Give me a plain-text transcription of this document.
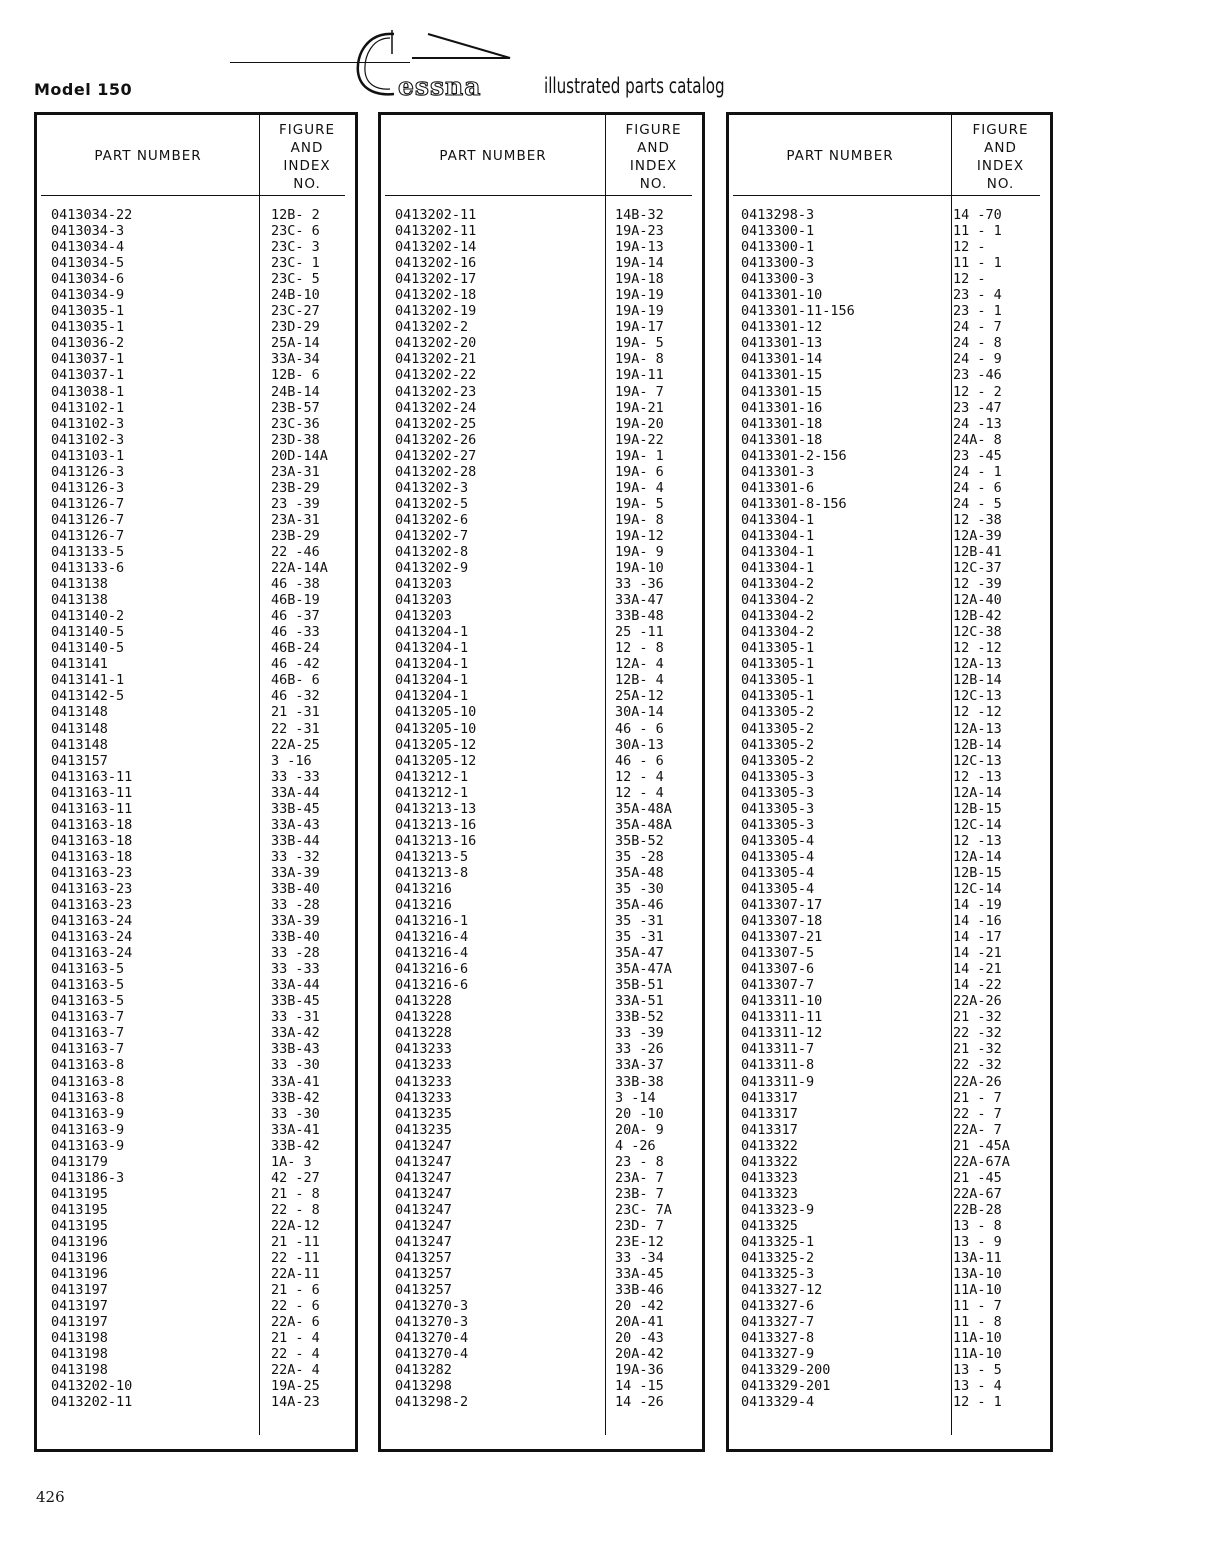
Model 150	essna	illustrated parts catalog
PART NUMBER
FIGURE
AND
INDEX
NO.
0413034-22	12B- 2
0413034-3	23C- 6
0413034-4	23C- 3
0413034-5	23C- 1
0413034-6	23C- 5
0413034-9	24B-10
0413035-1	23C-27
0413035-1	23D-29
0413036-2	25A-14
0413037-1	33A-34
0413037-1	12B- 6
0413038-1	24B-14
0413102-1	23B-57
0413102-3	23C-36
0413102-3	23D-38
0413103-1	20D-14A
0413126-3	23A-31
0413126-3	23B-29
0413126-7	23 -39
0413126-7	23A-31
0413126-7	23B-29
0413133-5	22 -46
0413133-6	22A-14A
0413138	46 -38
0413138	46B-19
0413140-2	46 -37
0413140-5	46 -33
0413140-5	46B-24
0413141	46 -42
0413141-1	46B- 6
0413142-5	46 -32
0413148	21 -31
0413148	22 -31
0413148	22A-25
0413157	3 -16
0413163-11	33 -33
0413163-11	33A-44
0413163-11	33B-45
0413163-18	33A-43
0413163-18	33B-44
0413163-18	33 -32
0413163-23	33A-39
0413163-23	33B-40
0413163-23	33 -28
0413163-24	33A-39
0413163-24	33B-40
0413163-24	33 -28
0413163-5	33 -33
0413163-5	33A-44
0413163-5	33B-45
0413163-7	33 -31
0413163-7	33A-42
0413163-7	33B-43
0413163-8	33 -30
0413163-8	33A-41
0413163-8	33B-42
0413163-9	33 -30
0413163-9	33A-41
0413163-9	33B-42
0413179	1A- 3
0413186-3	42 -27
0413195	21 - 8
0413195	22 - 8
0413195	22A-12
0413196	21 -11
0413196	22 -11
0413196	22A-11
0413197	21 - 6
0413197	22 - 6
0413197	22A- 6
0413198	21 - 4
0413198	22 - 4
0413198	22A- 4
0413202-10	19A-25
0413202-11	14A-23
PART NUMBER
FIGURE
AND
INDEX
NO.
0413202-11	14B-32
0413202-11	19A-23
0413202-14	19A-13
0413202-16	19A-14
0413202-17	19A-18
0413202-18	19A-19
0413202-19	19A-19
0413202-2	19A-17
0413202-20	19A- 5
0413202-21	19A- 8
0413202-22	19A-11
0413202-23	19A- 7
0413202-24	19A-21
0413202-25	19A-20
0413202-26	19A-22
0413202-27	19A- 1
0413202-28	19A- 6
0413202-3	19A- 4
0413202-5	19A- 5
0413202-6	19A- 8
0413202-7	19A-12
0413202-8	19A- 9
0413202-9	19A-10
0413203	33 -36
0413203	33A-47
0413203	33B-48
0413204-1	25 -11
0413204-1	12 - 8
0413204-1	12A- 4
0413204-1	12B- 4
0413204-1	25A-12
0413205-10	30A-14
0413205-10	46 - 6
0413205-12	30A-13
0413205-12	46 - 6
0413212-1	12 - 4
0413212-1	12 - 4
0413213-13	35A-48A
0413213-16	35A-48A
0413213-16	35B-52
0413213-5	35 -28
0413213-8	35A-48
0413216	35 -30
0413216	35A-46
0413216-1	35 -31
0413216-4	35 -31
0413216-4	35A-47
0413216-6	35A-47A
0413216-6	35B-51
0413228	33A-51
0413228	33B-52
0413228	33 -39
0413233	33 -26
0413233	33A-37
0413233	33B-38
0413233	3 -14
0413235	20 -10
0413235	20A- 9
0413247	4 -26
0413247	23 - 8
0413247	23A- 7
0413247	23B- 7
0413247	23C- 7A
0413247	23D- 7
0413247	23E-12
0413257	33 -34
0413257	33A-45
0413257	33B-46
0413270-3	20 -42
0413270-3	20A-41
0413270-4	20 -43
0413270-4	20A-42
0413282	19A-36
0413298	14 -15
0413298-2	14 -26
PART NUMBER
FIGURE
AND
INDEX
NO.
0413298-3	14 -70
0413300-1	11 - 1
0413300-1	12 -
0413300-3	11 - 1
0413300-3	12 -
0413301-10	23 - 4
0413301-11-156	23 - 1
0413301-12	24 - 7
0413301-13	24 - 8
0413301-14	24 - 9
0413301-15	23 -46
0413301-15	12 - 2
0413301-16	23 -47
0413301-18	24 -13
0413301-18	24A- 8
0413301-2-156	23 -45
0413301-3	24 - 1
0413301-6	24 - 6
0413301-8-156	24 - 5
0413304-1	12 -38
0413304-1	12A-39
0413304-1	12B-41
0413304-1	12C-37
0413304-2	12 -39
0413304-2	12A-40
0413304-2	12B-42
0413304-2	12C-38
0413305-1	12 -12
0413305-1	12A-13
0413305-1	12B-14
0413305-1	12C-13
0413305-2	12 -12
0413305-2	12A-13
0413305-2	12B-14
0413305-2	12C-13
0413305-3	12 -13
0413305-3	12A-14
0413305-3	12B-15
0413305-3	12C-14
0413305-4	12 -13
0413305-4	12A-14
0413305-4	12B-15
0413305-4	12C-14
0413307-17	14 -19
0413307-18	14 -16
0413307-21	14 -17
0413307-5	14 -21
0413307-6	14 -21
0413307-7	14 -22
0413311-10	22A-26
0413311-11	21 -32
0413311-12	22 -32
0413311-7	21 -32
0413311-8	22 -32
0413311-9	22A-26
0413317	21 - 7
0413317	22 - 7
0413317	22A- 7
0413322	21 -45A
0413322	22A-67A
0413323	21 -45
0413323	22A-67
0413323-9	22B-28
0413325	13 - 8
0413325-1	13 - 9
0413325-2	13A-11
0413325-3	13A-10
0413327-12	11A-10
0413327-6	11 - 7
0413327-7	11 - 8
0413327-8	11A-10
0413327-9	11A-10
0413329-200	13 - 5
0413329-201	13 - 4
0413329-4	12 - 1
426
